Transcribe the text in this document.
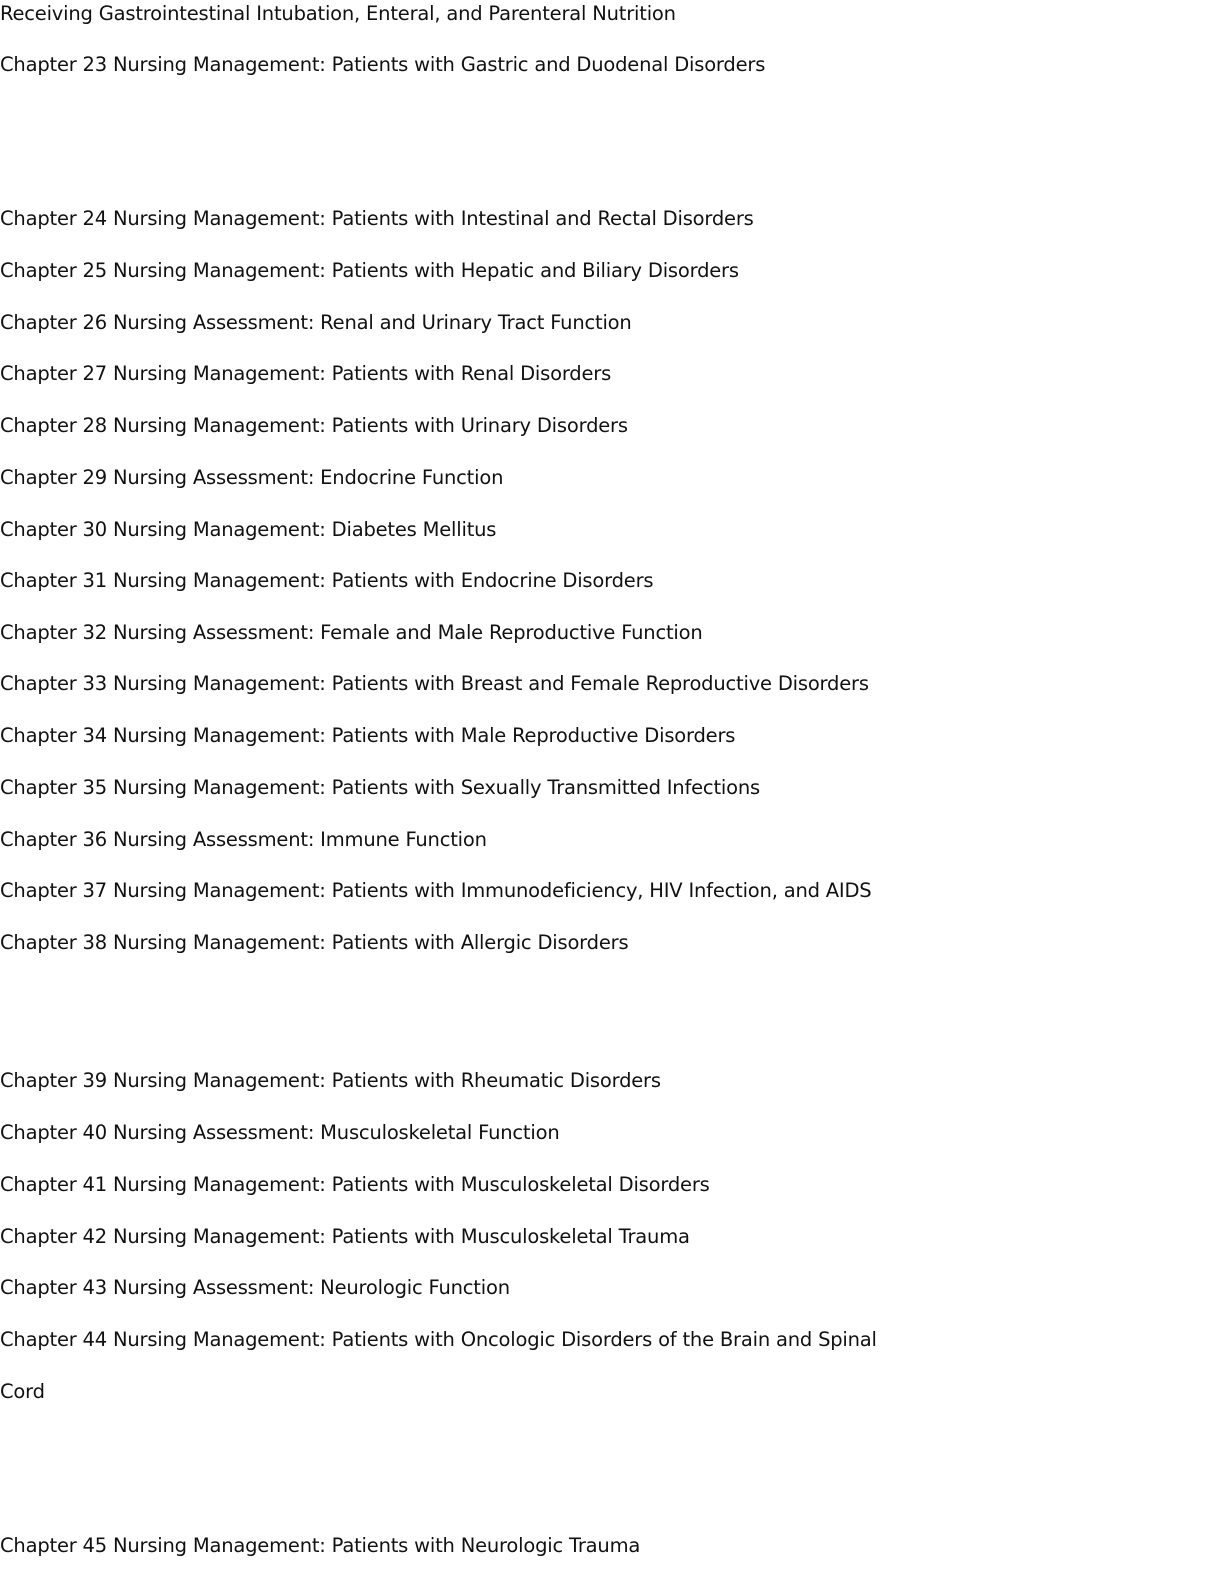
Receiving Gastrointestinal Intubation, Enteral, and Parenteral Nutrition
Chapter 23 Nursing Management: Patients with Gastric and Duodenal Disorders
Chapter 24 Nursing Management: Patients with Intestinal and Rectal Disorders
Chapter 25 Nursing Management: Patients with Hepatic and Biliary Disorders
Chapter 26 Nursing Assessment: Renal and Urinary Tract Function
Chapter 27 Nursing Management: Patients with Renal Disorders
Chapter 28 Nursing Management: Patients with Urinary Disorders
Chapter 29 Nursing Assessment: Endocrine Function
Chapter 30 Nursing Management: Diabetes Mellitus
Chapter 31 Nursing Management: Patients with Endocrine Disorders
Chapter 32 Nursing Assessment: Female and Male Reproductive Function
Chapter 33 Nursing Management: Patients with Breast and Female Reproductive Disorders
Chapter 34 Nursing Management: Patients with Male Reproductive Disorders
Chapter 35 Nursing Management: Patients with Sexually Transmitted Infections
Chapter 36 Nursing Assessment: Immune Function
Chapter 37 Nursing Management: Patients with Immunodeficiency, HIV Infection, and AIDS
Chapter 38 Nursing Management: Patients with Allergic Disorders
Chapter 39 Nursing Management: Patients with Rheumatic Disorders
Chapter 40 Nursing Assessment: Musculoskeletal Function
Chapter 41 Nursing Management: Patients with Musculoskeletal Disorders
Chapter 42 Nursing Management: Patients with Musculoskeletal Trauma
Chapter 43 Nursing Assessment: Neurologic Function
Chapter 44 Nursing Management: Patients with Oncologic Disorders of the Brain and Spinal
Cord
Chapter 45 Nursing Management: Patients with Neurologic Trauma
